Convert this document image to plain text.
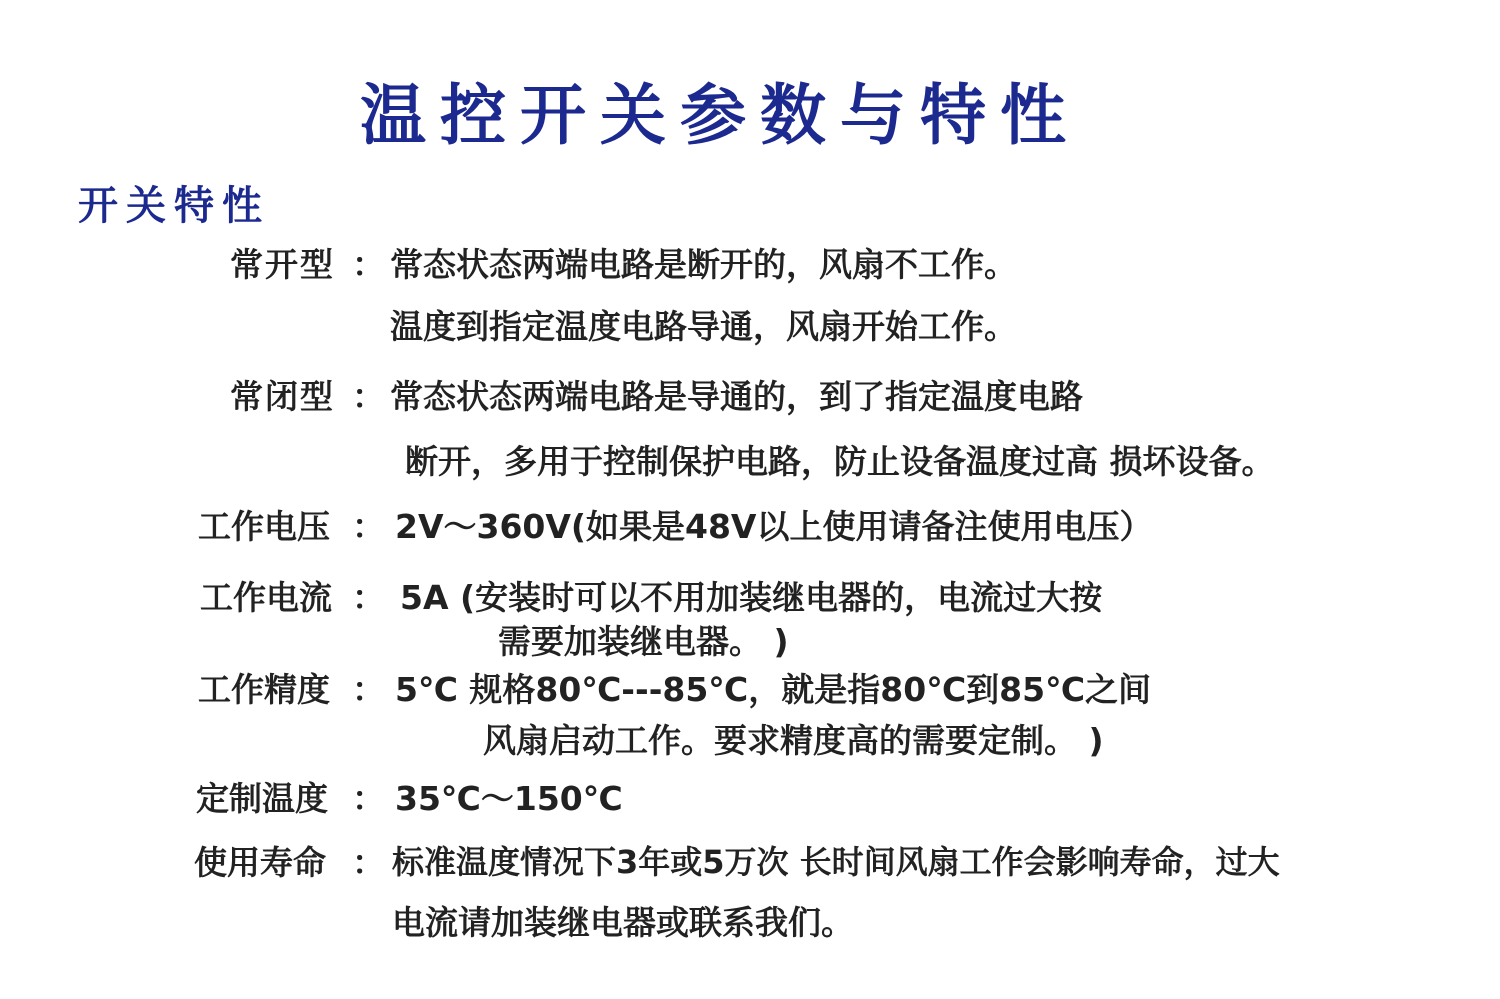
温控开关参数与特性
开关特性
常开型 ： 常态状态两端电路是断开的，风扇不工作。
温度到指定温度电路导通，风扇开始工作。
常闭型 ： 常态状态两端电路是导通的，到了指定温度电路
断开，多用于控制保护电路，防止设备温度过高 损坏设备。
工作电压 ： 2V～360V(如果是48V以上使用请备注使用电压）
工作电流 ： 5A (安装时可以不用加装继电器的，电流过大按
需要加装继电器。 )
工作精度 ： 5℃ 规格80℃---85℃，就是指80℃到85℃之间
风扇启动工作。要求精度高的需要定制。 )
定制温度 ： 35℃～150℃
使用寿命 ： 标准温度情况下3年或5万次 长时间风扇工作会影响寿命，过大
电流请加装继电器或联系我们。
